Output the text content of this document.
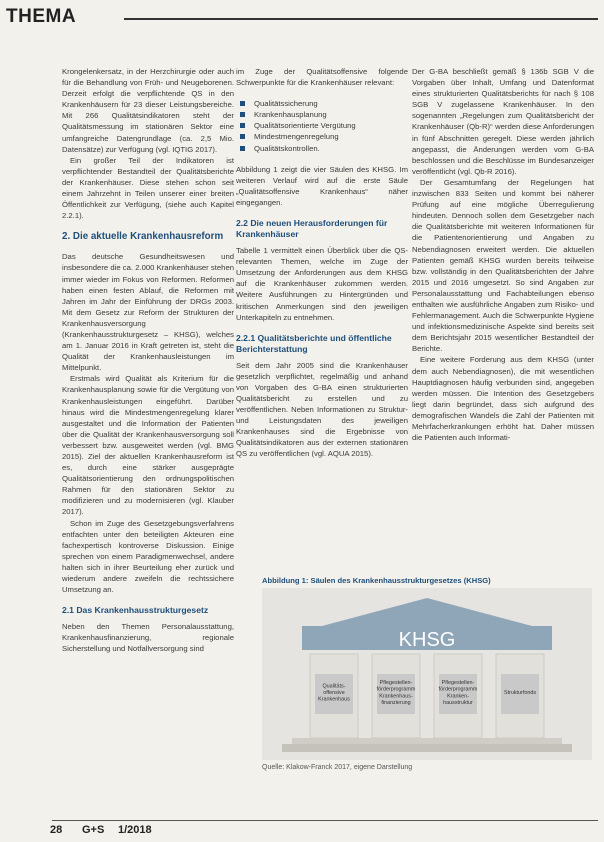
THEMA

Krongelenkersatz, in der Herzchirurgie oder auch für die Behandlung von Früh- und Neugeborenen. Derzeit erfolgt die verpflichtende QS in den Krankenhäusern für 23 dieser Leistungsbereiche. Mit 266 Qualitätsindikatoren steht der Qualitätsmessung im stationären Sektor eine umfangreiche Datengrundlage (ca. 2,5 Mio. Datensätze) zur Verfügung (vgl. IQTIG 2017).

Ein großer Teil der Indikatoren ist verpflichtender Bestandteil der Qualitätsberichte der Krankenhäuser. Diese stehen schon seit einem Jahrzehnt in Teilen unserer einer breiten Öffentlichkeit zur Verfügung, (siehe auch Kapitel 2.2.1).

2. Die aktuelle Krankenhausreform

Das deutsche Gesundheitswesen und insbesondere die ca. 2.000 Krankenhäuser stehen immer wieder im Fokus von Reformen. Reformen haben einen festen Ablauf, die Reformen mit Jahren im Jahr der Einführung der DRGs 2003. Mit dem Gesetz zur Reform der Strukturen der Krankenhausversorgung (Krankenhausstrukturgesetz – KHSG), welches am 1. Januar 2016 in Kraft getreten ist, steht die Qualität der Krankenhausleistungen im Mittelpunkt.

Erstmals wird Qualität als Kriterium für die Krankenhausplanung sowie für die Vergütung von Krankenhausleistungen eingeführt. Darüber hinaus wird die Mindestmengenregelung klarer ausgestaltet und die Information der Patienten über die Qualität der Krankenhausversorgung soll verbessert bzw. ausgeweitet werden (vgl. BMG 2015). Ziel der aktuellen Krankenhausreform ist es, durch eine stärker ausgeprägte Qualitätsorientierung den ordnungspolitischen Rahmen für den stationären Sektor zu modifizieren und zu modernisieren (vgl. Klauber 2017).

Schon im Zuge des Gesetzgebungsverfahrens entfachten unter den beteiligten Akteuren eine fachexpertisch kontroverse Diskussion. Einige sprechen von einem Paradigmenwechsel, andere halten sich in ihrer Beurteilung eher zurück und wiederum andere zweifeln die rechtssichere Umsetzung an.

2.1 Das Krankenhausstrukturgesetz

Neben den Themen Personalausstattung, Krankenhausfinanzierung, regionale Sicherstellung und Notfallversorgung sind

im Zuge der Qualitätsoffensive folgende Schwerpunkte für die Krankenhäuser relevant:

Qualitätssicherung
Krankenhausplanung
Qualitätsorientierte Vergütung
Mindestmengenregelung
Qualitätskontrollen.

Abbildung 1 zeigt die vier Säulen des KHSG. Im weiteren Verlauf wird auf die erste Säule „Qualitätsoffensive Krankenhaus“ näher eingegangen.

2.2 Die neuen Herausforderungen für Krankenhäuser

Tabelle 1 vermittelt einen Überblick über die QS-relevanten Themen, welche im Zuge der Umsetzung der Anforderungen aus dem KHSG auf die Krankenhäuser zukommen werden. Weitere Ausführungen zu Hintergründen und kritischen Anmerkungen sind den jeweiligen Unterkapiteln zu entnehmen.

2.2.1 Qualitätsberichte und öffentliche Berichterstattung

Seit dem Jahr 2005 sind die Krankenhäuser gesetzlich verpflichtet, regelmäßig und anhand von Vorgaben des G-BA einen strukturierten Qualitätsbericht zu erstellen und zu veröffentlichen. Neben Informationen zu Struktur- und Leistungsdaten des jeweiligen Krankenhauses sind die Ergebnisse von Qualitätsindikatoren aus der externen stationären QS zu veröffentlichen (vgl. AQUA 2015).

Der G-BA beschließt gemäß § 136b SGB V die Vorgaben über Inhalt, Umfang und Datenformat eines strukturierten Qualitätsberichts für nach § 108 SGB V zugelassene Krankenhäuser. In den sogenannten „Regelungen zum Qualitätsbericht der Krankenhäuser (Qb-R)“ werden diese Anforderungen in fünf Abschnitten geregelt. Diese werden jährlich angepasst, die Änderungen werden vom G-BA beschlossen und die Beschlüsse im Bundesanzeiger veröffentlicht (vgl. Qb-R 2016).

Der Gesamtumfang der Regelungen hat inzwischen 833 Seiten und kommt bei näherer Prüfung auf eine mögliche Überregulierung hindeuten. Dennoch sollen dem Gesetzgeber nach die Qualitätsberichte mit weiteren Informationen für die Patientenorientierung und Angaben zu Nebendiagnosen erweitert werden. Die aktuellen Patienten gemäß KHSG wurden bereits teilweise bzw. vollständig in den Qualitätsberichten der Jahre 2015 und 2016 umgesetzt. So sind Angaben zur Personalausstattung und Fachabteilungen ebenso enthalten wie ausführliche Angaben zum Risiko- und Fehlermanagement. Auch die Schwerpunkte Hygiene und infektionsmedizinische Aspekte sind bereits seit dem Berichtsjahr 2015 wesentlicher Bestandteil der Berichte.

Eine weitere Forderung aus dem KHSG (unter dem auch Nebendiagnosen), die mit wesentlichen Hauptdiagnosen häufig verbunden sind, angegeben werden müssen. Die Intention des Gesetzgebers liegt darin begründet, dass sich aufgrund des demografischen Wandels die Zahl der Patienten mit Mehrfacherkrankungen erhöht hat. Daher müssen die Patienten auch Informati-

Abbildung 1: Säulen des Krankenhausstrukturgesetzes (KHSG)
KHSG
Qualitäts-offensive Krankenhaus
Pflegestellen-förderprogramm Krankenhaus-finanzierung
Pflegestellen-förderprogramm Kranken-hausstruktur
Strukturfonds
Quelle: Klakow-Franck 2017, eigene Darstellung
28 G+S 1/2018
